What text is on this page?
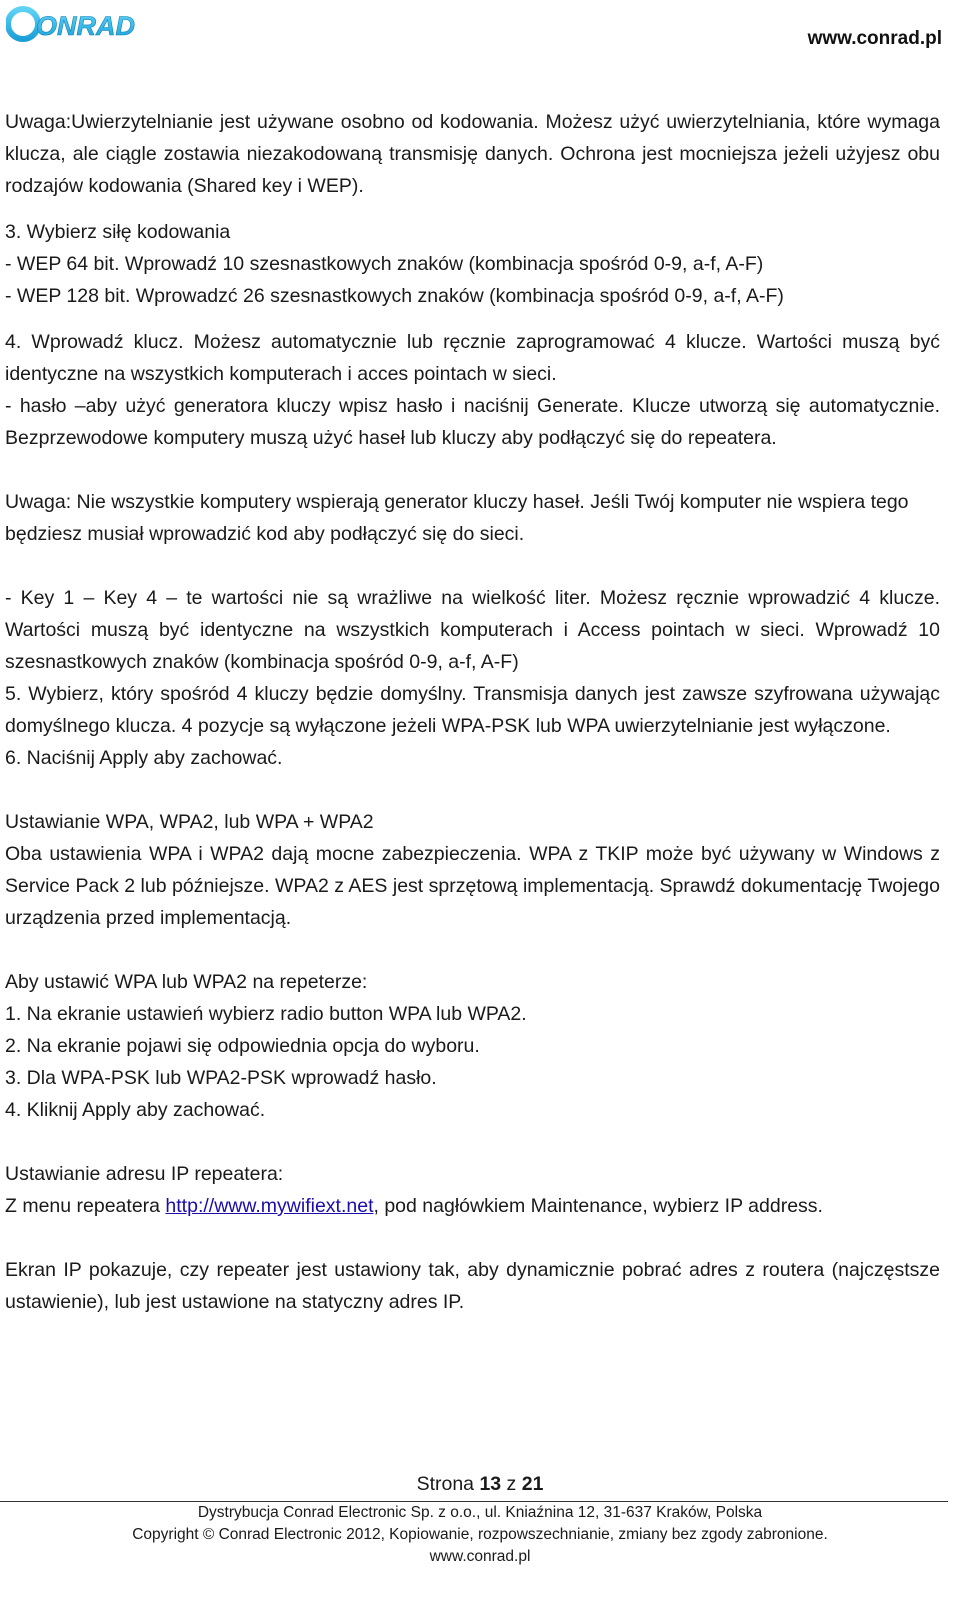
ONRAD	www.conrad.pl

Uwaga:Uwierzytelnianie jest używane osobno od kodowania. Możesz użyć uwierzytelniania, które wymaga klucza, ale ciągle zostawia niezakodowaną transmisję danych. Ochrona jest mocniejsza jeżeli użyjesz obu rodzajów kodowania (Shared key i WEP).

3. Wybierz siłę kodowania

- WEP 64 bit. Wprowadź 10 szesnastkowych znaków (kombinacja spośród 0-9, a-f, A-F)

- WEP 128 bit. Wprowadzć 26 szesnastkowych znaków (kombinacja spośród 0-9, a-f, A-F)

4. Wprowadź klucz. Możesz automatycznie lub ręcznie zaprogramować 4 klucze. Wartości muszą być identyczne na wszystkich komputerach i acces pointach w sieci.

- hasło –aby użyć generatora kluczy wpisz hasło i naciśnij Generate. Klucze utworzą się automatycznie. Bezprzewodowe komputery muszą użyć haseł lub kluczy aby podłączyć się do repeatera.

Uwaga: Nie wszystkie komputery wspierają generator kluczy haseł. Jeśli Twój komputer nie wspiera tego będziesz musiał wprowadzić kod aby podłączyć się do sieci.

- Key 1 – Key 4 – te wartości nie są wrażliwe na wielkość liter. Możesz ręcznie wprowadzić 4 klucze. Wartości muszą być identyczne na wszystkich komputerach i Access pointach w sieci. Wprowadź 10 szesnastkowych znaków (kombinacja spośród 0-9, a-f, A-F)

5. Wybierz, który spośród 4 kluczy będzie domyślny. Transmisja danych jest zawsze szyfrowana używając domyślnego klucza. 4 pozycje są wyłączone jeżeli WPA-PSK lub WPA uwierzytelnianie jest wyłączone.

6. Naciśnij Apply aby zachować.

Ustawianie WPA, WPA2, lub WPA + WPA2

Oba ustawienia WPA i WPA2 dają mocne zabezpieczenia. WPA z TKIP może być używany w Windows z Service Pack 2 lub późniejsze. WPA2 z AES jest sprzętową implementacją. Sprawdź dokumentację Twojego urządzenia przed implementacją.

Aby ustawić WPA lub WPA2 na repeterze:

1. Na ekranie ustawień wybierz radio button WPA lub WPA2.

2. Na ekranie pojawi się odpowiednia opcja do wyboru.

3. Dla WPA-PSK lub WPA2-PSK wprowadź hasło.

4. Kliknij Apply aby zachować.

Ustawianie adresu IP repeatera:

Z menu repeatera http://www.mywifiext.net, pod nagłówkiem Maintenance, wybierz IP address.

Ekran IP pokazuje, czy repeater jest ustawiony tak, aby dynamicznie pobrać adres z routera (najczęstsze ustawienie), lub jest ustawione na statyczny adres IP.

Strona 13 z 21
Dystrybucja Conrad Electronic Sp. z o.o., ul. Kniaźnina 12, 31-637 Kraków, Polska
Copyright © Conrad Electronic 2012, Kopiowanie, rozpowszechnianie, zmiany bez zgody zabronione.
www.conrad.pl
